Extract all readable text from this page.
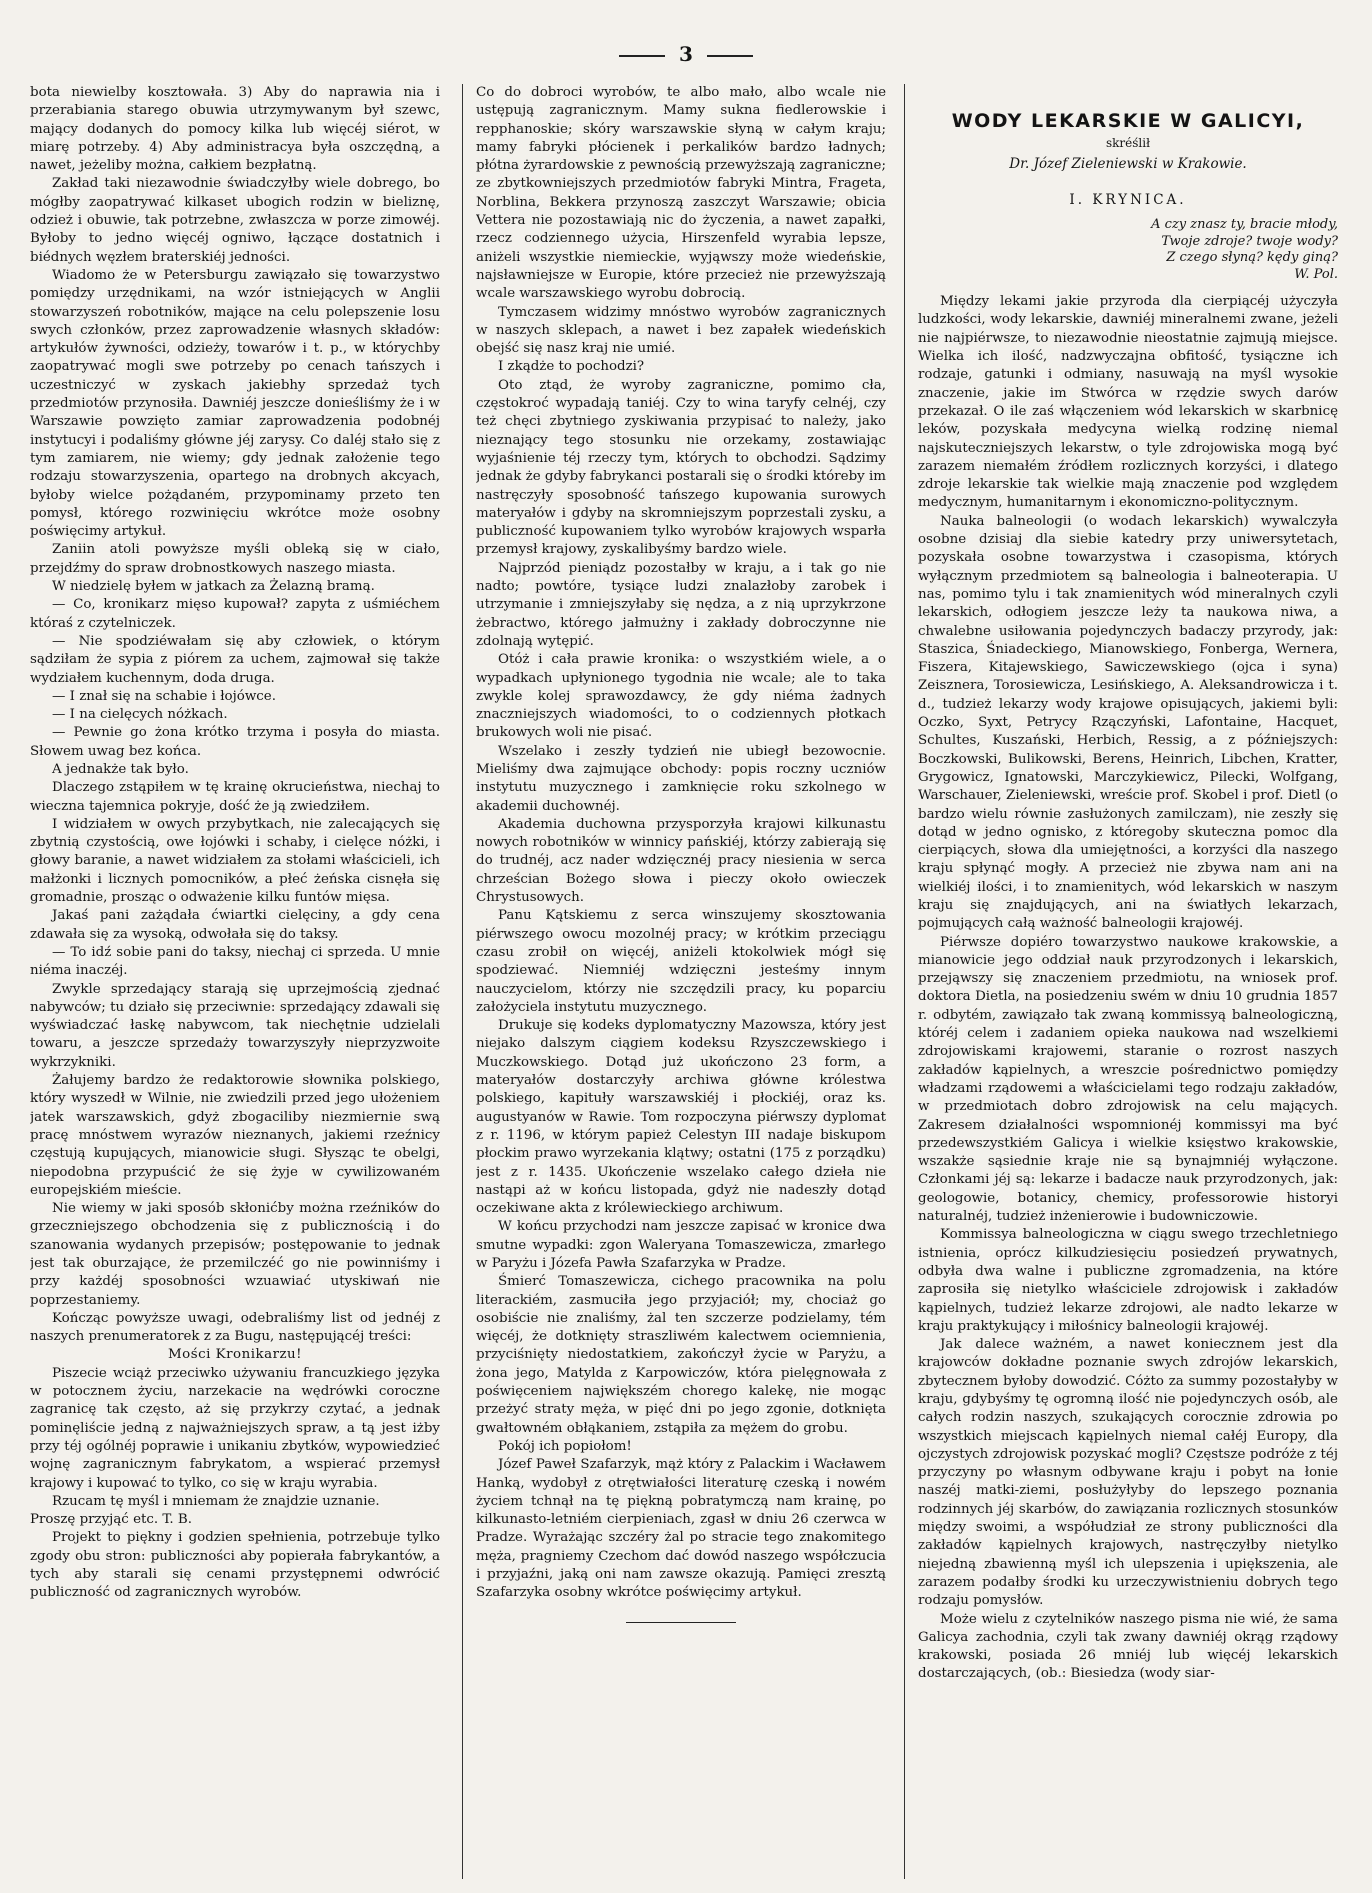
3

bota niewielby kosztowała. 3) Aby do naprawia nia i przerabiania starego obuwia utrzymywanym był szewc, mający dodanych do pomocy kilka lub więcéj siérot, w miarę potrzeby. 4) Aby administracya była oszczędną, a nawet, jeżeliby można, całkiem bezpłatną.

Zakład taki niezawodnie świadczyłby wiele dobrego, bo mógłby zaopatrywać kilkaset ubogich rodzin w bieliznę, odzież i obuwie, tak potrzebne, zwłaszcza w porze zimowéj. Byłoby to jedno więcéj ogniwo, łączące dostatnich i biédnych węzłem braterskiéj jedności.

Wiadomo że w Petersburgu zawiązało się towarzystwo pomiędzy urzędnikami, na wzór istniejących w Anglii stowarzyszeń robotników, mające na celu polepszenie losu swych członków, przez zaprowadzenie własnych składów: artykułów żywności, odzieży, towarów i t. p., w którychby zaopatrywać mogli swe potrzeby po cenach tańszych i uczestniczyć w zyskach jakiebhy sprzedaż tych przedmiotów przynosiła. Dawniéj jeszcze donieśliśmy że i w Warszawie powzięto zamiar zaprowadzenia podobnéj instytucyi i podaliśmy główne jéj zarysy. Co daléj stało się z tym zamiarem, nie wiemy; gdy jednak założenie tego rodzaju stowarzyszenia, opartego na drobnych akcyach, byłoby wielce pożądaném, przypominamy przeto ten pomysł, którego rozwinięciu wkrótce może osobny poświęcimy artykuł.

Zaniin atoli powyższe myśli obleką się w ciało, przejdźmy do spraw drobnostkowych naszego miasta.

W niedzielę byłem w jatkach za Żelazną bramą.

— Co, kronikarz mięso kupował? zapyta z uśmiéchem któraś z czytelniczek.

— Nie spodziéwałam się aby człowiek, o którym sądziłam że sypia z piórem za uchem, zajmował się także wydziałem kuchennym, doda druga.

— I znał się na schabie i łojówce.

— I na cielęcych nóżkach.

— Pewnie go żona krótko trzyma i posyła do miasta. Słowem uwag bez końca.

A jednakże tak było.

Dlaczego zstąpiłem w tę krainę okrucieństwa, niechaj to wieczna tajemnica pokryje, dość że ją zwiedziłem.

I widziałem w owych przybytkach, nie zalecających się zbytnią czystością, owe łojówki i schaby, i cielęce nóżki, i głowy baranie, a nawet widziałem za stołami właścicieli, ich małżonki i licznych pomocników, a płeć żeńska cisnęła się gromadnie, prosząc o odważenie kilku funtów mięsa.

Jakaś pani zażądała ćwiartki cielęciny, a gdy cena zdawała się za wysoką, odwołała się do taksy.

— To idź sobie pani do taksy, niechaj ci sprzeda. U mnie niéma inaczéj.

Zwykle sprzedający starają się uprzejmością zjednać nabywców; tu działo się przeciwnie: sprzedający zdawali się wyświadczać łaskę nabywcom, tak niechętnie udzielali towaru, a jeszcze sprzedaży towarzyszyły nieprzyzwoite wykrzykniki.

Żałujemy bardzo że redaktorowie słownika polskiego, który wyszedł w Wilnie, nie zwiedzili przed jego ułożeniem jatek warszawskich, gdyż zbogaciliby niezmiernie swą pracę mnóstwem wyrazów nieznanych, jakiemi rzeźnicy częstują kupujących, mianowicie sługi. Słysząc te obelgi, niepodobna przypuścić że się żyje w cywilizowaném europejskiém mieście.

Nie wiemy w jaki sposób skłonićby można rzeźników do grzeczniejszego obchodzenia się z publicznością i do szanowania wydanych przepisów; postępowanie to jednak jest tak oburzające, że przemilczéć go nie powinniśmy i przy każdéj sposobności wzuawiać utyskiwań nie poprzestaniemy.

Kończąc powyższe uwagi, odebraliśmy list od jednéj z naszych prenumeratorek z za Bugu, następującéj treści:

Mości Kronikarzu!

Piszecie wciąż przeciwko używaniu francuzkiego języka w potocznem życiu, narzekacie na wędrówki coroczne zagranicę tak często, aż się przykrzy czytać, a jednak pominęliście jedną z najważniejszych spraw, a tą jest iżby przy téj ogólnéj poprawie i unikaniu zbytków, wypowiedzieć wojnę zagranicznym fabrykatom, a wspierać przemysł krajowy i kupować to tylko, co się w kraju wyrabia.

Rzucam tę myśl i mniemam że znajdzie uznanie.

Proszę przyjąć etc. T. B.

Projekt to piękny i godzien spełnienia, potrzebuje tylko zgody obu stron: publiczności aby popierała fabrykantów, a tych aby starali się cenami przystępnemi odwrócić publiczność od zagranicznych wyrobów.

Co do dobroci wyrobów, te albo mało, albo wcale nie ustępują zagranicznym. Mamy sukna fiedlerowskie i repphanoskie; skóry warszawskie słyną w całym kraju; mamy fabryki płócienek i perkalików bardzo ładnych; płótna żyrardowskie z pewnością przewyższają zagraniczne; ze zbytkowniejszych przedmiotów fabryki Mintra, Frageta, Norblina, Bekkera przynoszą zaszczyt Warszawie; obicia Vettera nie pozostawiają nic do życzenia, a nawet zapałki, rzecz codziennego użycia, Hirszenfeld wyrabia lepsze, aniżeli wszystkie niemieckie, wyjąwszy może wiedeńskie, najsławniejsze w Europie, które przecież nie przewyższają wcale warszawskiego wyrobu dobrocią.

Tymczasem widzimy mnóstwo wyrobów zagranicznych w naszych sklepach, a nawet i bez zapałek wiedeńskich obejść się nasz kraj nie umié.

I zkądże to pochodzi?

Oto ztąd, że wyroby zagraniczne, pomimo cła, częstokroć wypadają taniéj. Czy to wina taryfy celnéj, czy też chęci zbytniego zyskiwania przypisać to należy, jako nieznający tego stosunku nie orzekamy, zostawiając wyjaśnienie téj rzeczy tym, których to obchodzi. Sądzimy jednak że gdyby fabrykanci postarali się o środki któreby im nastręczyły sposobność tańszego kupowania surowych materyałów i gdyby na skromniejszym poprzestali zysku, a publiczność kupowaniem tylko wyrobów krajowych wsparła przemysł krajowy, zyskalibyśmy bardzo wiele.

Najprzód pieniądz pozostałby w kraju, a i tak go nie nadto; powtóre, tysiące ludzi znalazłoby zarobek i utrzymanie i zmniejszyłaby się nędza, a z nią uprzykrzone żebractwo, którego jałmużny i zakłady dobroczynne nie zdolnają wytępić.

Otóż i cała prawie kronika: o wszystkiém wiele, a o wypadkach upłynionego tygodnia nie wcale; ale to taka zwykle kolej sprawozdawcy, że gdy niéma żadnych znaczniejszych wiadomości, to o codziennych płotkach brukowych woli nie pisać.

Wszelako i zeszły tydzień nie ubiegł bezowocnie. Mieliśmy dwa zajmujące obchody: popis roczny uczniów instytutu muzycznego i zamknięcie roku szkolnego w akademii duchownéj.

Akademia duchowna przysporzyła krajowi kilkunastu nowych robotników w winnicy pańskiéj, którzy zabierają się do trudnéj, acz nader wdzięcznéj pracy niesienia w serca chrześcian Bożego słowa i pieczy około owieczek Chrystusowych.

Panu Kątskiemu z serca winszujemy skosztowania piérwszego owocu mozolnéj pracy; w krótkim przeciągu czasu zrobił on więcéj, aniżeli ktokolwiek mógł się spodziewać. Niemniéj wdzięczni jesteśmy innym nauczycielom, którzy nie szczędzili pracy, ku poparciu założyciela instytutu muzycznego.

Drukuje się kodeks dyplomatyczny Mazowsza, który jest niejako dalszym ciągiem kodeksu Rzyszczewskiego i Muczkowskiego. Dotąd już ukończono 23 form, a materyałów dostarczyły archiwa główne królestwa polskiego, kapituły warszawskiéj i płockiéj, oraz ks. augustyanów w Rawie. Tom rozpoczyna piérwszy dyplomat z r. 1196, w którym papież Celestyn III nadaje biskupom płockim prawo wyrzekania klątwy; ostatni (175 z porządku) jest z r. 1435. Ukończenie wszelako całego dzieła nie nastąpi aż w końcu listopada, gdyż nie nadeszły dotąd oczekiwane akta z królewieckiego archiwum.

W końcu przychodzi nam jeszcze zapisać w kronice dwa smutne wypadki: zgon Waleryana Tomaszewicza, zmarłego w Paryżu i Józefa Pawła Szafarzyka w Pradze.

Śmierć Tomaszewicza, cichego pracownika na polu literackiém, zasmuciła jego przyjaciół; my, chociaż go osobiście nie znaliśmy, żal ten szczerze podzielamy, tém więcéj, że dotknięty straszliwém kalectwem ociemnienia, przyciśnięty niedostatkiem, zakończył życie w Paryżu, a żona jego, Matylda z Karpowiczów, która pielęgnowała z poświęceniem największém chorego kalekę, nie mogąc przeżyć straty męża, w pięć dni po jego zgonie, dotknięta gwałtowném obłąkaniem, zstąpiła za mężem do grobu.

Pokój ich popiołom!

Józef Paweł Szafarzyk, mąż który z Palackim i Wacławem Hanką, wydobył z otrętwiałości literaturę czeską i nowém życiem tchnął na tę piękną pobratymczą nam krainę, po kilkunasto-letniém cierpieniach, zgasł w dniu 26 czerwca w Pradze. Wyrażając szczéry żal po stracie tego znakomitego męża, pragniemy Czechom dać dowód naszego współczucia i przyjaźni, jaką oni nam zawsze okazują. Pamięci zresztą Szafarzyka osobny wkrótce poświęcimy artykuł.

WODY LEKARSKIE W GALICYI,
skréślił
Dr. Józef Zieleniewski w Krakowie.
I. KRYNICA.
A czy znasz ty, bracie młody,
Twoje zdroje? twoje wody?
Z czego słyną? kędy giną?
W. Pol.

Między lekami jakie przyroda dla cierpiącéj użyczyła ludzkości, wody lekarskie, dawniéj mineralnemi zwane, jeżeli nie najpiérwsze, to niezawodnie nieostatnie zajmują miejsce. Wielka ich ilość, nadzwyczajna obfitość, tysiączne ich rodzaje, gatunki i odmiany, nasuwają na myśl wysokie znaczenie, jakie im Stwórca w rzędzie swych darów przekazał. O ile zaś włączeniem wód lekarskich w skarbnicę leków, pozyskała medycyna wielką rodzinę niemal najskuteczniejszych lekarstw, o tyle zdrojowiska mogą być zarazem niemałém źródłem rozlicznych korzyści, i dlatego zdroje lekarskie tak wielkie mają znaczenie pod względem medycznym, humanitarnym i ekonomiczno-politycznym.

Nauka balneologii (o wodach lekarskich) wywalczyła osobne dzisiaj dla siebie katedry przy uniwersytetach, pozyskała osobne towarzystwa i czasopisma, których wyłącznym przedmiotem są balneologia i balneoterapia. U nas, pomimo tylu i tak znamienitych wód mineralnych czyli lekarskich, odłogiem jeszcze leży ta naukowa niwa, a chwalebne usiłowania pojedynczych badaczy przyrody, jak: Staszica, Śniadeckiego, Mianowskiego, Fonberga, Wernera, Fiszera, Kitajewskiego, Sawiczewskiego (ojca i syna) Zeisznera, Torosiewicza, Lesińskiego, A. Aleksandrowicza i t. d., tudzież lekarzy wody krajowe opisujących, jakiemi byli: Oczko, Syxt, Petrycy Rzączyński, Lafontaine, Hacquet, Schultes, Kuszański, Herbich, Ressig, a z późniejszych: Boczkowski, Bulikowski, Berens, Heinrich, Libchen, Kratter, Grygowicz, Ignatowski, Marczykiewicz, Pilecki, Wolfgang, Warschauer, Zieleniewski, wreście prof. Skobel i prof. Dietl (o bardzo wielu równie zasłużonych zamilczam), nie zeszły się dotąd w jedno ognisko, z któregoby skuteczna pomoc dla cierpiących, słowa dla umiejętności, a korzyści dla naszego kraju spłynąć mogły. A przecież nie zbywa nam ani na wielkiéj ilości, i to znamienitych, wód lekarskich w naszym kraju się znajdujących, ani na światłych lekarzach, pojmujących całą ważność balneologii krajowéj.

Piérwsze dopiéro towarzystwo naukowe krakowskie, a mianowicie jego oddział nauk przyrodzonych i lekarskich, przejąwszy się znaczeniem przedmiotu, na wniosek prof. doktora Dietla, na posiedzeniu swém w dniu 10 grudnia 1857 r. odbytém, zawiązało tak zwaną kommissyą balneologiczną, któréj celem i zadaniem opieka naukowa nad wszelkiemi zdrojowiskami krajowemi, staranie o rozrost naszych zakładów kąpielnych, a wreszcie pośrednictwo pomiędzy władzami rządowemi a właścicielami tego rodzaju zakładów, w przedmiotach dobro zdrojowisk na celu mających. Zakresem działalności wspomnionéj kommissyi ma być przedewszystkiém Galicya i wielkie księstwo krakowskie, wszakże sąsiednie kraje nie są bynajmniéj wyłączone. Członkami jéj są: lekarze i badacze nauk przyrodzonych, jak: geologowie, botanicy, chemicy, professorowie historyi naturalnéj, tudzież inżenierowie i budowniczowie.

Kommissya balneologiczna w ciągu swego trzechletniego istnienia, oprócz kilkudziesięciu posiedzeń prywatnych, odbyła dwa walne i publiczne zgromadzenia, na które zaprosiła się nietylko właściciele zdrojowisk i zakładów kąpielnych, tudzież lekarze zdrojowi, ale nadto lekarze w kraju praktykujący i miłośnicy balneologii krajowéj.

Jak dalece ważném, a nawet koniecznem jest dla krajowców dokładne poznanie swych zdrojów lekarskich, zbytecznem byłoby dowodzić. Cóżto za summy pozostałyby w kraju, gdybyśmy tę ogromną ilość nie pojedynczych osób, ale całych rodzin naszych, szukających corocznie zdrowia po wszystkich miejscach kąpielnych niemal całéj Europy, dla ojczystych zdrojowisk pozyskać mogli? Częstsze podróże z téj przyczyny po własnym odbywane kraju i pobyt na łonie naszéj matki-ziemi, posłużyłyby do lepszego poznania rodzinnych jéj skarbów, do zawiązania rozlicznych stosunków między swoimi, a współudział ze strony publiczności dla zakładów kąpielnych krajowych, nastręczyłby nietylko niejedną zbawienną myśl ich ulepszenia i upiększenia, ale zarazem podałby środki ku urzeczywistnieniu dobrych tego rodzaju pomysłów.

Może wielu z czytelników naszego pisma nie wié, że sama Galicya zachodnia, czyli tak zwany dawniéj okrąg rządowy krakowski, posiada 26 mniéj lub więcéj lekarskich dostarczających, (ob.: Biesiedza (wody siar-
